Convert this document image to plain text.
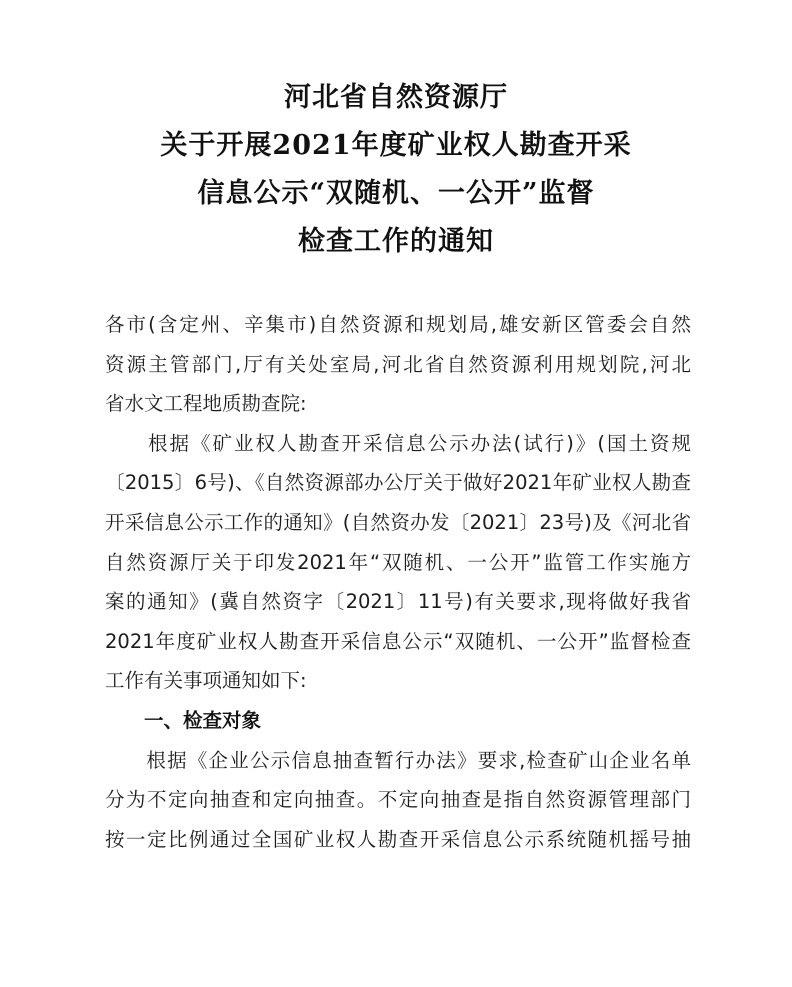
河北省自然资源厅
关于开展2021年度矿业权人勘查开采
信息公示“双随机、一公开”监督
检查工作的通知
各市(含定州、辛集市)自然资源和规划局,雄安新区管委会自然
资源主管部门,厅有关处室局,河北省自然资源利用规划院,河北
省水文工程地质勘查院:
　　根据《矿业权人勘查开采信息公示办法(试行)》(国土资规
〔2015〕6号)、《自然资源部办公厅关于做好2021年矿业权人勘查
开采信息公示工作的通知》(自然资办发〔2021〕23号)及《河北省
自然资源厅关于印发2021年“双随机、一公开”监管工作实施方
案的通知》(冀自然资字〔2021〕11号)有关要求,现将做好我省
2021年度矿业权人勘查开采信息公示“双随机、一公开”监督检查
工作有关事项通知如下:
　　一、检查对象
　　根据《企业公示信息抽查暂行办法》要求,检查矿山企业名单
分为不定向抽查和定向抽查。不定向抽查是指自然资源管理部门
按一定比例通过全国矿业权人勘查开采信息公示系统随机摇号抽
